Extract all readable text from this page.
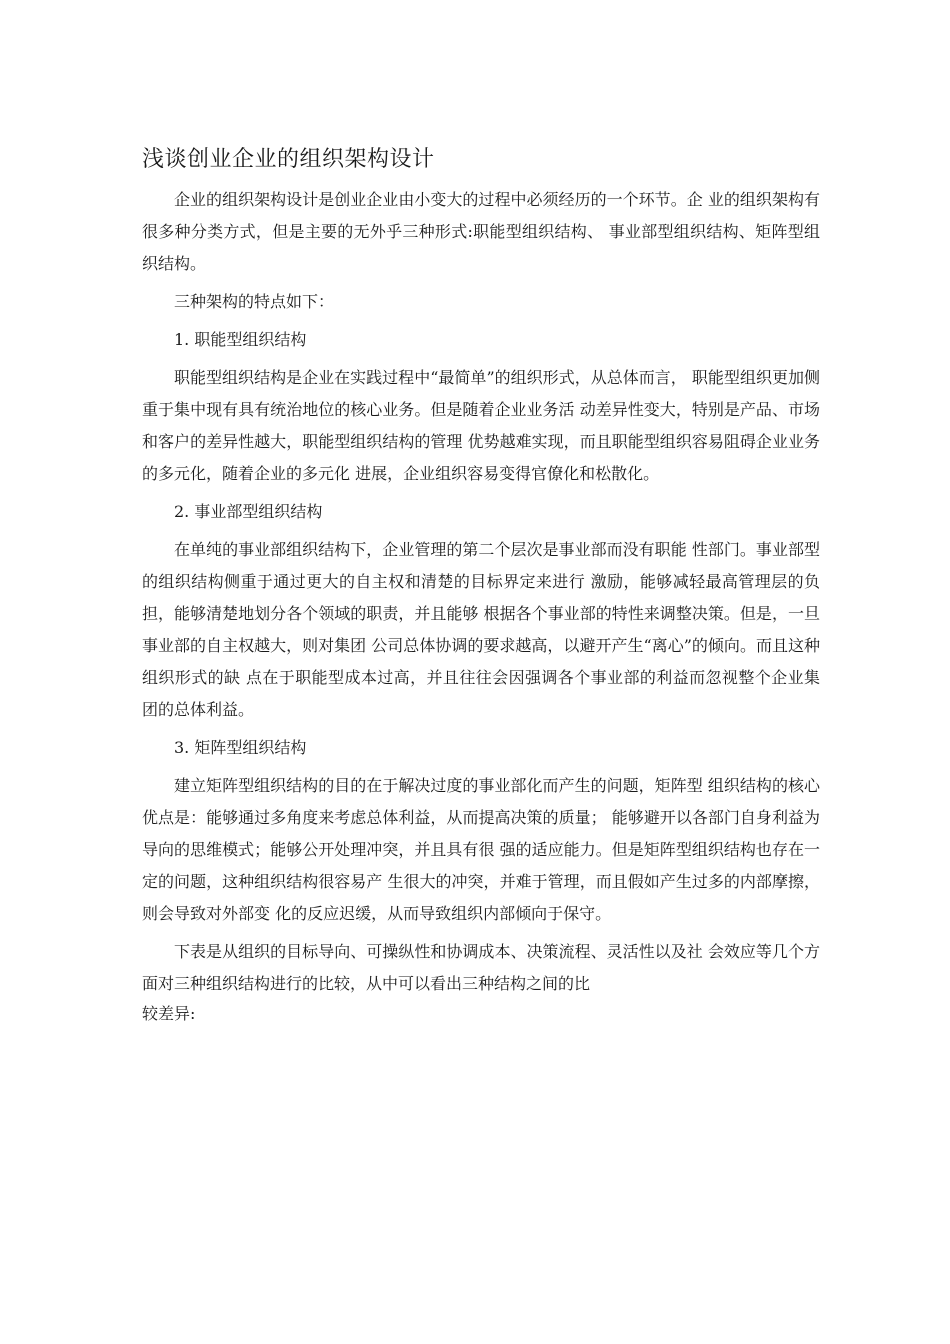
浅谈创业企业的组织架构设计

企业的组织架构设计是创业企业由小变大的过程中必须经历的一个环节。企 业的组织架构有很多种分类方式，但是主要的无外乎三种形式:职能型组织结构、 事业部型组织结构、矩阵型组织结构。

三种架构的特点如下：

1. 职能型组织结构

职能型组织结构是企业在实践过程中“最简单”的组织形式，从总体而言， 职能型组织更加侧重于集中现有具有统治地位的核心业务。但是随着企业业务活 动差异性变大，特别是产品、市场和客户的差异性越大，职能型组织结构的管理 优势越难实现，而且职能型组织容易阻碍企业业务的多元化，随着企业的多元化 进展，企业组织容易变得官僚化和松散化。

2. 事业部型组织结构

在单纯的事业部组织结构下，企业管理的第二个层次是事业部而没有职能 性部门。事业部型的组织结构侧重于通过更大的自主权和清楚的目标界定来进行 激励，能够减轻最高管理层的负担，能够清楚地划分各个领域的职责，并且能够 根据各个事业部的特性来调整决策。但是，一旦事业部的自主权越大，则对集团 公司总体协调的要求越高，以避开产生“离心”的倾向。而且这种组织形式的缺 点在于职能型成本过高，并且往往会因强调各个事业部的利益而忽视整个企业集 团的总体利益。

3. 矩阵型组织结构

建立矩阵型组织结构的目的在于解决过度的事业部化而产生的问题，矩阵型 组织结构的核心优点是：能够通过多角度来考虑总体利益，从而提高决策的质量； 能够避开以各部门自身利益为导向的思维模式；能够公开处理冲突，并且具有很 强的适应能力。但是矩阵型组织结构也存在一定的问题，这种组织结构很容易产 生很大的冲突，并难于管理，而且假如产生过多的内部摩擦，则会导致对外部变 化的反应迟缓，从而导致组织内部倾向于保守。

下表是从组织的目标导向、可操纵性和协调成本、决策流程、灵活性以及社 会效应等几个方面对三种组织结构进行的比较，从中可以看出三种结构之间的比

较差异:
